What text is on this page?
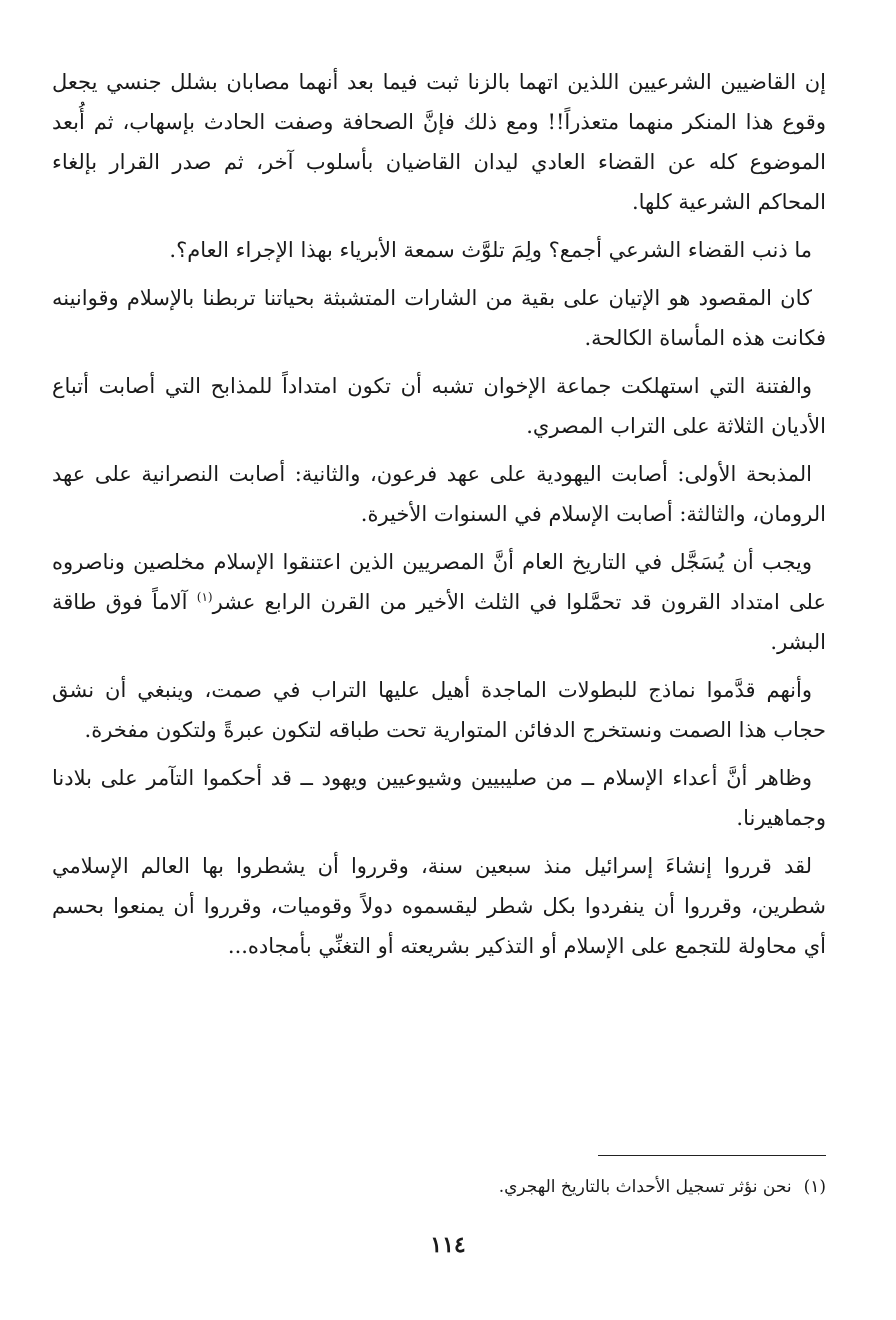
إن القاضيين الشرعيين اللذين اتهما بالزنا ثبت فيما بعد أنهما مصابان بشلل جنسي يجعل وقوع هذا المنكر منهما متعذراً!! ومع ذلك فإنَّ الصحافة وصفت الحادث بإسهاب، ثم أُبعد الموضوع كله عن القضاء العادي ليدان القاضيان بأسلوب آخر، ثم صدر القرار بإلغاء المحاكم الشرعية كلها.

ما ذنب القضاء الشرعي أجمع؟ ولِمَ تلوَّث سمعة الأبرياء بهذا الإجراء العام؟.

كان المقصود هو الإتيان على بقية من الشارات المتشبثة بحياتنا تربطنا بالإسلام وقوانينه فكانت هذه المأساة الكالحة.

والفتنة التي استهلكت جماعة الإخوان تشبه أن تكون امتداداً للمذابح التي أصابت أتباع الأديان الثلاثة على التراب المصري.

المذبحة الأولى: أصابت اليهودية على عهد فرعون، والثانية: أصابت النصرانية على عهد الرومان، والثالثة: أصابت الإسلام في السنوات الأخيرة.

ويجب أن يُسَجَّل في التاريخ العام أنَّ المصريين الذين اعتنقوا الإسلام مخلصين وناصروه على امتداد القرون قد تحمَّلوا في الثلث الأخير من القرن الرابع عشر$^{(١)}$ آلاماً فوق طاقة البشر.

وأنهم قدَّموا نماذج للبطولات الماجدة أهيل عليها التراب في صمت، وينبغي أن نشق حجاب هذا الصمت ونستخرج الدفائن المتوارية تحت طباقه لتكون عبرةً ولتكون مفخرة.

وظاهر أنَّ أعداء الإسلام ــ من صليبيين وشيوعيين ويهود ــ قد أحكموا التآمر على بلادنا وجماهيرنا.

لقد قرروا إنشاءَ إسرائيل منذ سبعين سنة، وقرروا أن يشطروا بها العالم الإسلامي شطرين، وقرروا أن ينفردوا بكل شطر ليقسموه دولاً وقوميات، وقرروا أن يمنعوا بحسم أي محاولة للتجمع على الإسلام أو التذكير بشريعته أو التغنِّي بأمجاده...

(١)نحن نؤثر تسجيل الأحداث بالتاريخ الهجري.
١١٤
